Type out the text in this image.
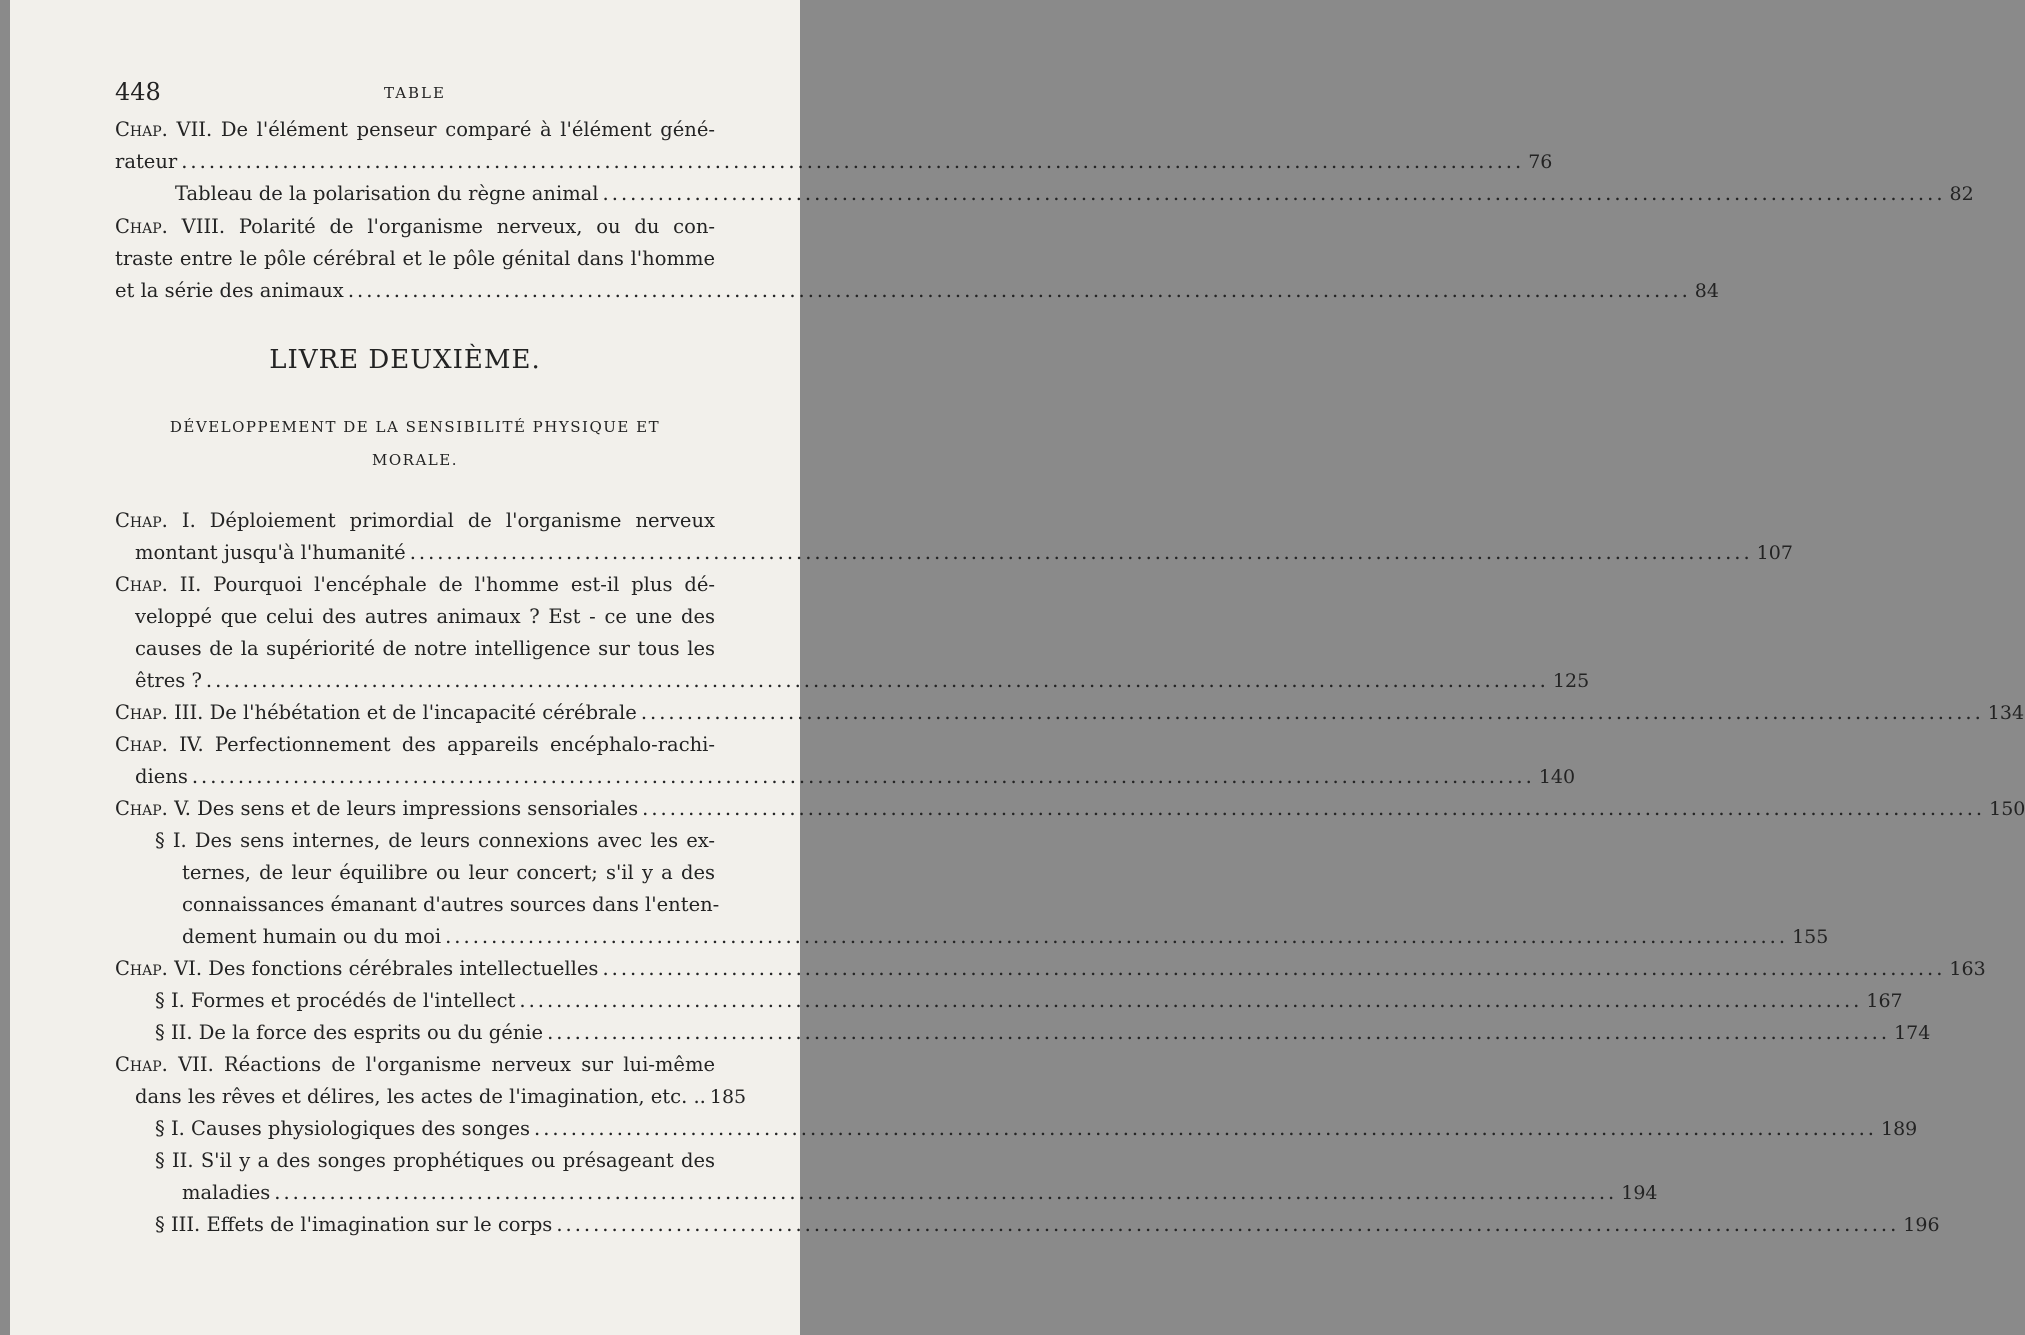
448	TABLE
Chap. VII. De l'élément penseur comparé à l'élément géné-
rateur .....	76
Tableau de la polarisation du règne animal .....	82
Chap. VIII. Polarité de l'organisme nerveux, ou du con-
traste entre le pôle cérébral et le pôle génital dans l'homme
et la série des animaux .....	84
LIVRE DEUXIÈME.
DÉVELOPPEMENT DE LA SENSIBILITÉ PHYSIQUE ET
MORALE.
Chap. I. Déploiement primordial de l'organisme nerveux
montant jusqu'à l'humanité .....	107
Chap. II. Pourquoi l'encéphale de l'homme est-il plus dé-
veloppé que celui des autres animaux ? Est - ce une des
causes de la supériorité de notre intelligence sur tous les
êtres ? .....	125
Chap. III. De l'hébétation et de l'incapacité cérébrale .....	134
Chap. IV. Perfectionnement des appareils encéphalo-rachi-
diens .....	140
Chap. V. Des sens et de leurs impressions sensoriales .....	150
§ I. Des sens internes, de leurs connexions avec les ex-
ternes, de leur équilibre ou leur concert; s'il y a des
connaissances émanant d'autres sources dans l'enten-
dement humain ou du moi .....	155
Chap. VI. Des fonctions cérébrales intellectuelles .....	163
§ I. Formes et procédés de l'intellect .....	167
§ II. De la force des esprits ou du génie .....	174
Chap. VII. Réactions de l'organisme nerveux sur lui-même
dans les rêves et délires, les actes de l'imagination, etc. .. 185
§ I. Causes physiologiques des songes .....	189
§ II. S'il y a des songes prophétiques ou présageant des
maladies .....	194
§ III. Effets de l'imagination sur le corps .....	196
